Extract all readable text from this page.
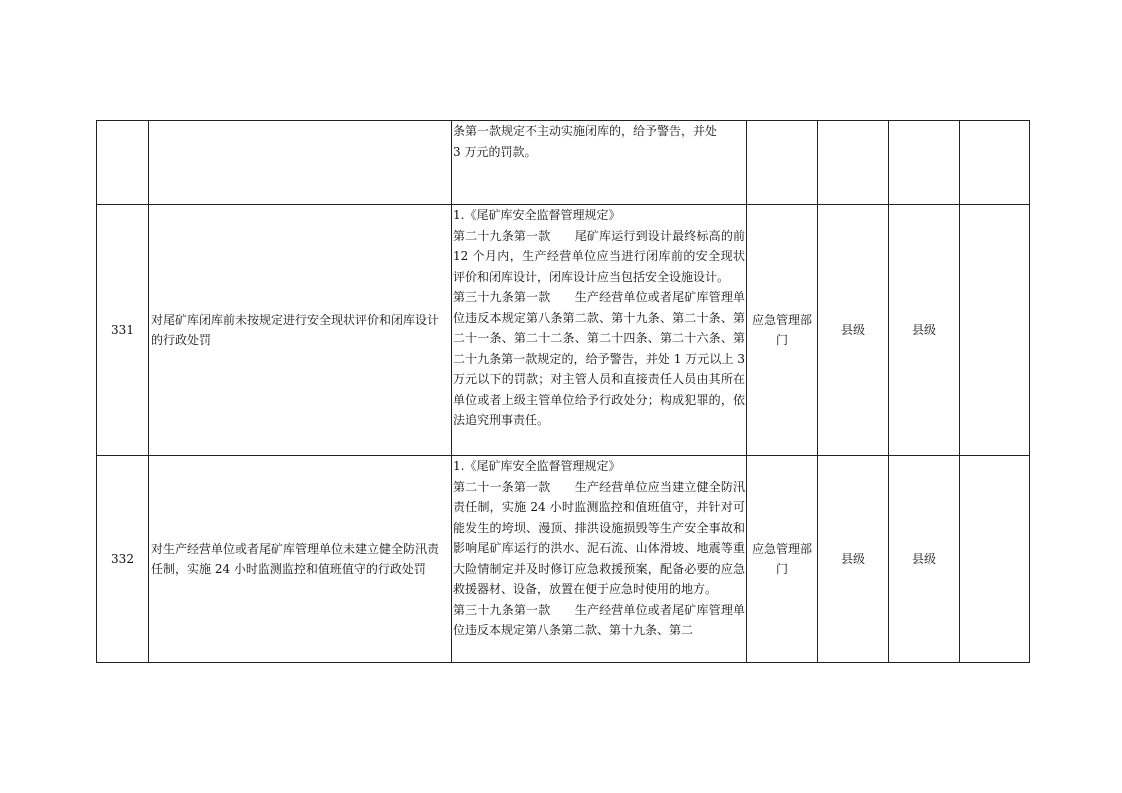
		条第一款规定不主动实施闭库的，给予警告，并处
3 万元的罚款。				

331	对尾矿库闭库前未按规定进行安全现状评价和闭库设计的行政处罚	1.《尾矿库安全监督管理规定》
第二十九条第一款　　尾矿库运行到设计最终标高的前 12 个月内，生产经营单位应当进行闭库前的安全现状评价和闭库设计，闭库设计应当包括安全设施设计。
第三十九条第一款　　生产经营单位或者尾矿库管理单位违反本规定第八条第二款、第十九条、第二十条、第二十一条、第二十二条、第二十四条、第二十六条、第二十九条第一款规定的，给予警告，并处 1 万元以上 3 万元以下的罚款；对主管人员和直接责任人员由其所在单位或者上级主管单位给予行政处分；构成犯罪的，依法追究刑事责任。	应急管理部门	县级	县级	
332	对生产经营单位或者尾矿库管理单位未建立健全防汛责任制，实施 24 小时监测监控和值班值守的行政处罚	1.《尾矿库安全监督管理规定》
第二十一条第一款　　生产经营单位应当建立健全防汛责任制，实施 24 小时监测监控和值班值守，并针对可能发生的垮坝、漫顶、排洪设施损毁等生产安全事故和影响尾矿库运行的洪水、泥石流、山体滑坡、地震等重大险情制定并及时修订应急救援预案，配备必要的应急救援器材、设备，放置在便于应急时使用的地方。
第三十九条第一款　　生产经营单位或者尾矿库管理单位违反本规定第八条第二款、第十九条、第二	应急管理部门	县级	县级	
